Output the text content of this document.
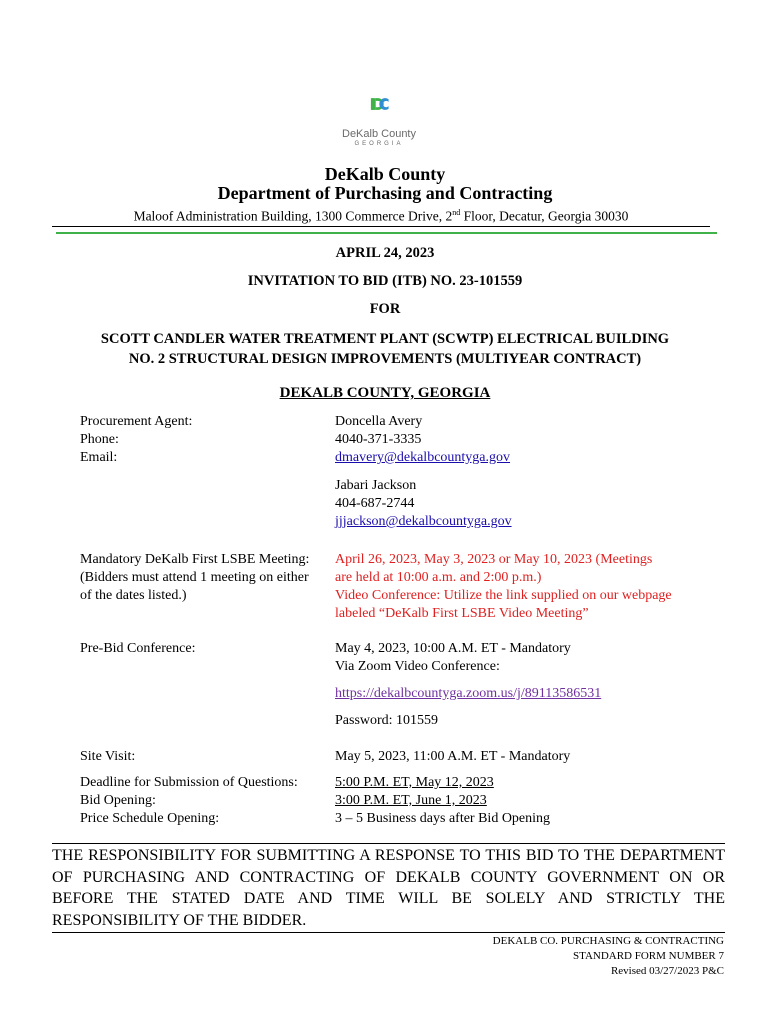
DeKalb County
GEORGIA
DeKalb County
Department of Purchasing and Contracting
Maloof Administration Building, 1300 Commerce Drive, 2nd Floor, Decatur, Georgia 30030
APRIL 24, 2023
INVITATION TO BID (ITB) NO. 23-101559
FOR
SCOTT CANDLER WATER TREATMENT PLANT (SCWTP) ELECTRICAL BUILDING
NO. 2 STRUCTURAL DESIGN IMPROVEMENTS (MULTIYEAR CONTRACT)
DEKALB COUNTY, GEORGIA
Procurement Agent:
Phone:
Email:
Doncella Avery
4040-371-3335
dmavery@dekalbcountyga.gov
Jabari Jackson
404-687-2744
jjjackson@dekalbcountyga.gov
Mandatory DeKalb First LSBE Meeting:
(Bidders must attend 1 meeting on either
of the dates listed.)
April 26, 2023, May 3, 2023 or May 10, 2023 (Meetings
are held at 10:00 a.m. and 2:00 p.m.)
Video Conference: Utilize the link supplied on our webpage
labeled “DeKalb First LSBE Video Meeting”
Pre-Bid Conference:	May 4, 2023, 10:00 A.M. ET - Mandatory
Via Zoom Video Conference:
https://dekalbcountyga.zoom.us/j/89113586531
Password: 101559
Site Visit:	May 5, 2023, 11:00 A.M. ET - Mandatory
Deadline for Submission of Questions:
Bid Opening:
Price Schedule Opening:
5:00 P.M. ET, May 12, 2023
3:00 P.M. ET, June 1, 2023
3 – 5 Business days after Bid Opening
THE RESPONSIBILITY FOR SUBMITTING A RESPONSE TO THIS BID TO THE DEPARTMENT OF PURCHASING AND CONTRACTING OF DEKALB COUNTY GOVERNMENT ON OR BEFORE THE STATED DATE AND TIME WILL BE SOLELY AND STRICTLY THE RESPONSIBILITY OF THE BIDDER.
DEKALB CO. PURCHASING & CONTRACTING
STANDARD FORM NUMBER 7
Revised 03/27/2023 P&C
